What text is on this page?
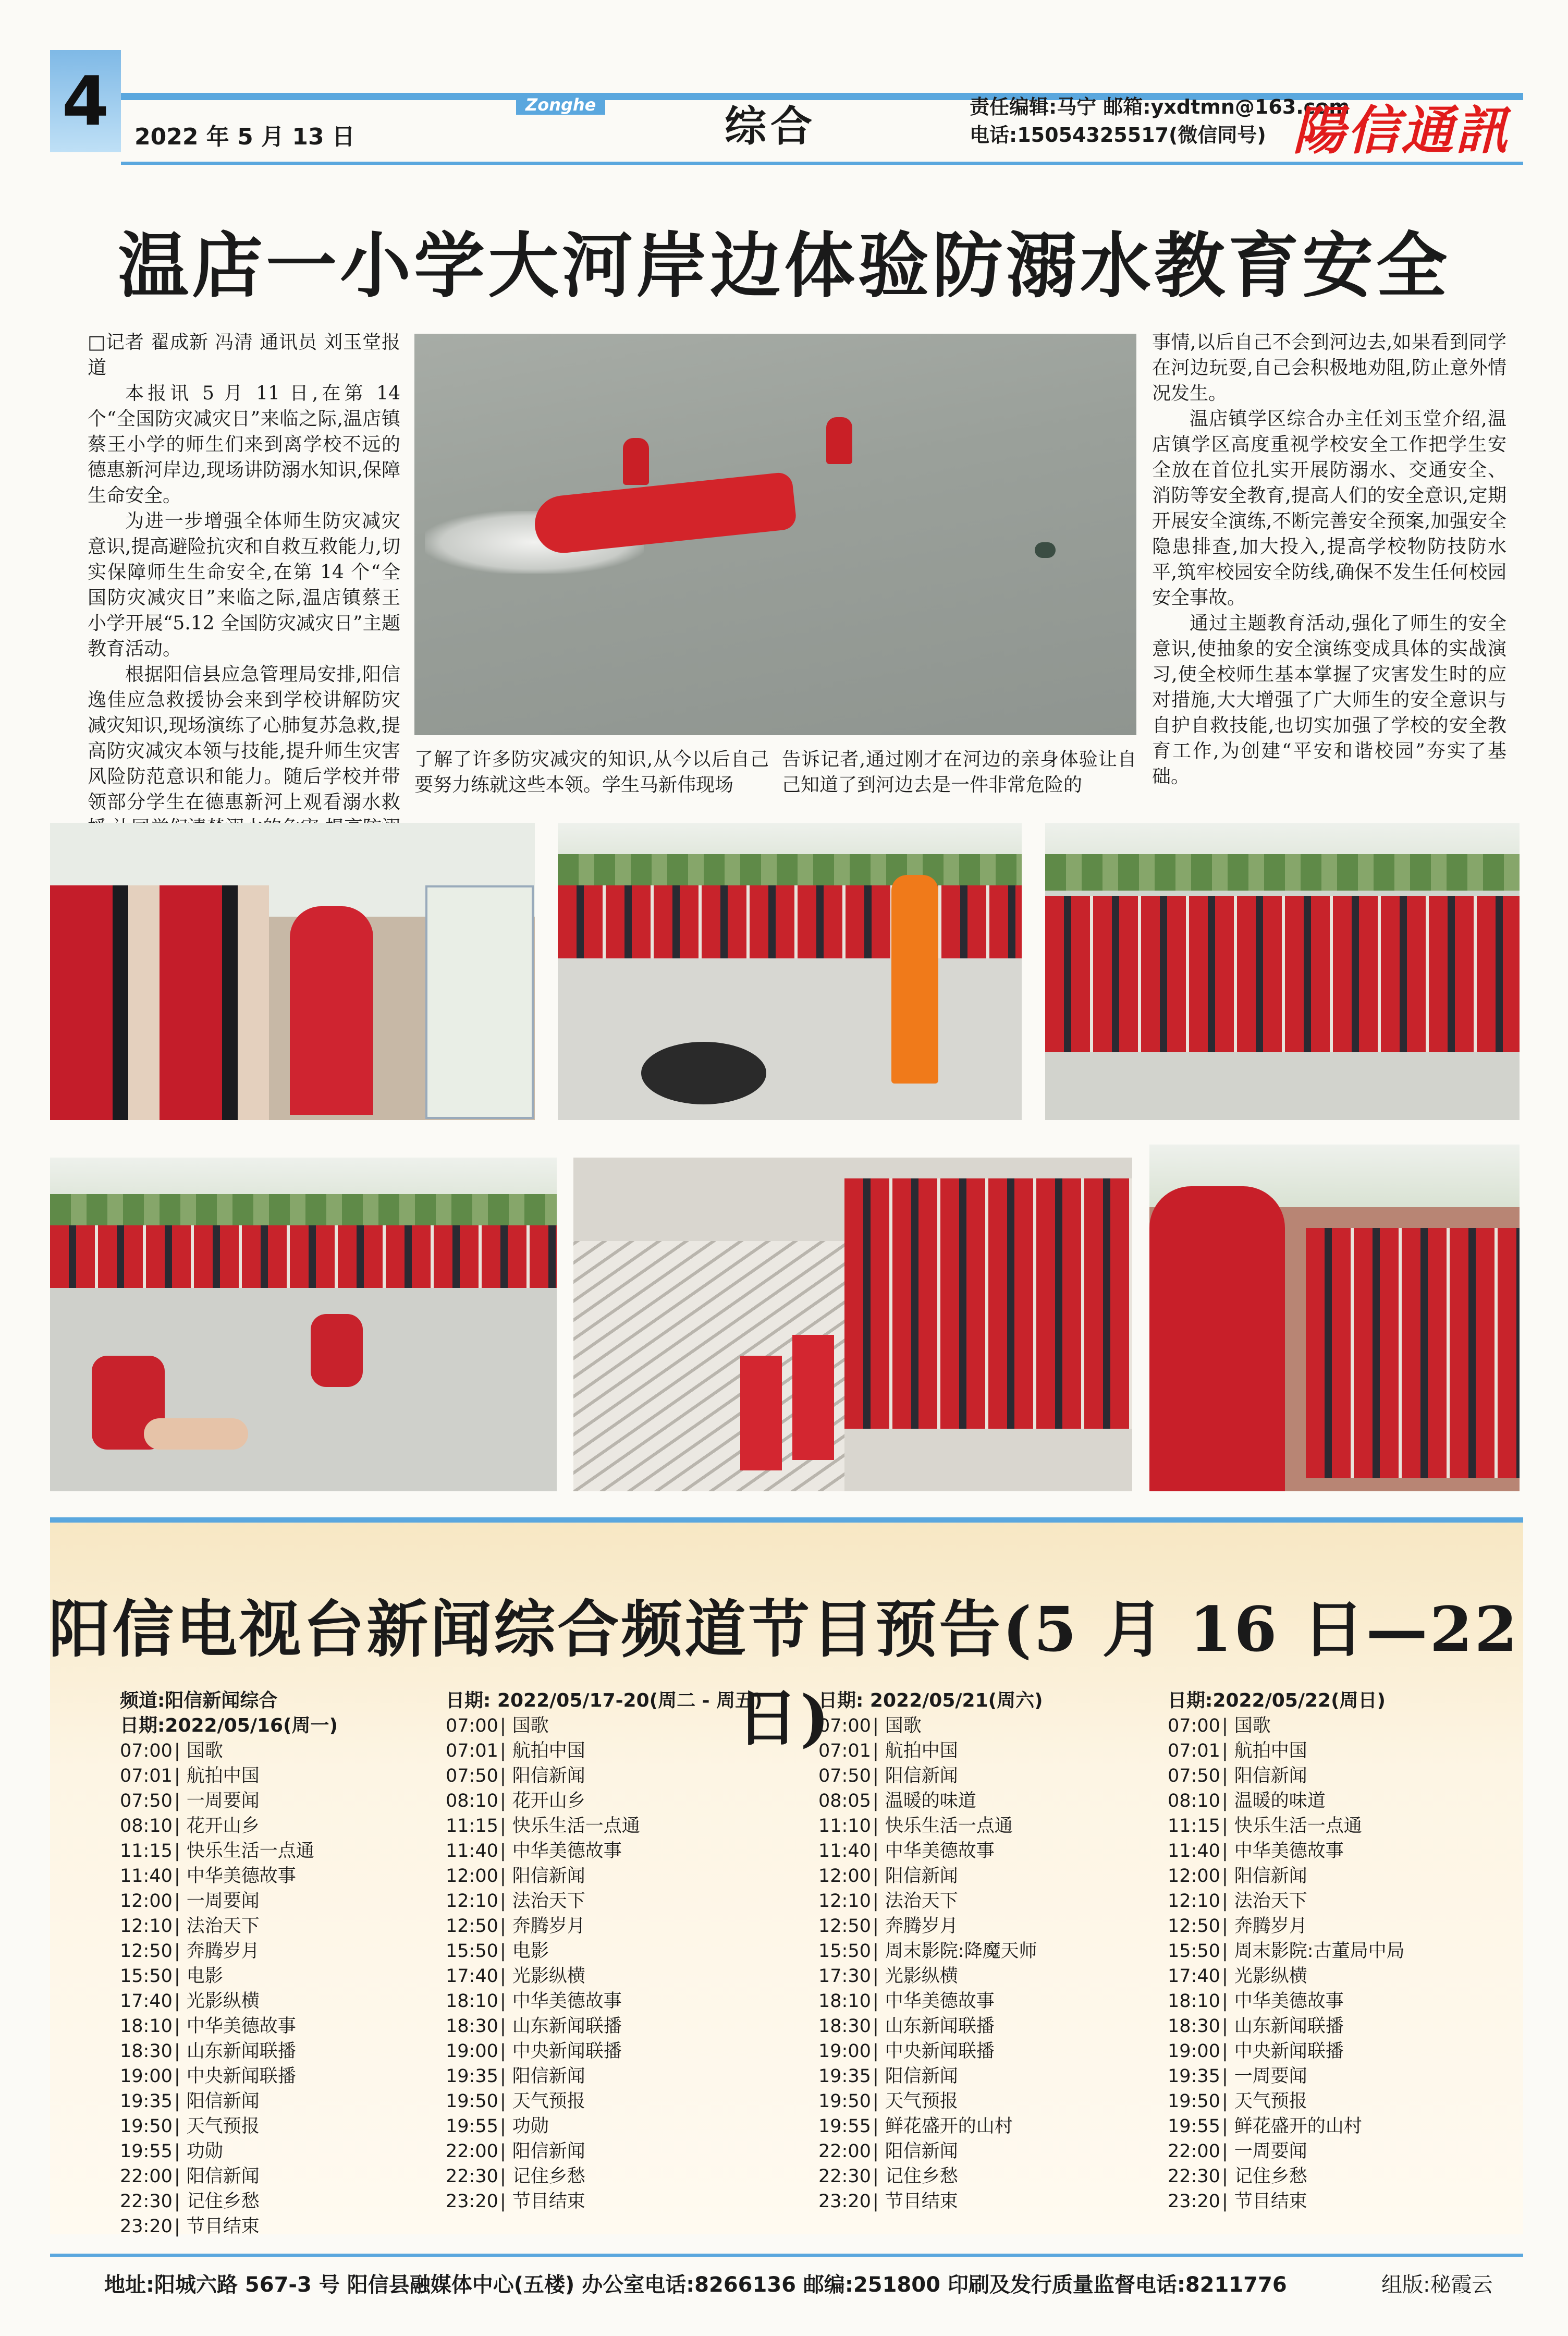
4	Zonghe
2022 年 5 月 13 日	综合	责任编辑:马宁 邮箱:yxdtmn@163.com
电话:15054325517(微信同号) 陽信通訊
温店一小学大河岸边体验防溺水教育安全

□记者 翟成新 冯清 通讯员 刘玉堂报道

本报讯 5 月 11 日,在第 14 个“全国防灾减灾日”来临之际,温店镇蔡王小学的师生们来到离学校不远的德惠新河岸边,现场讲防溺水知识,保障生命安全。

为进一步增强全体师生防灾减灾意识,提高避险抗灾和自救互救能力,切实保障师生生命安全,在第 14 个“全国防灾减灾日”来临之际,温店镇蔡王小学开展“5.12 全国防灾减灾日”主题教育活动。

根据阳信县应急管理局安排,阳信逸佳应急救援协会来到学校讲解防灾减灾知识,现场演练了心肺复苏急救,提高防灾减灾本领与技能,提升师生灾害风险防范意识和能力。随后学校并带领部分学生在德惠新河上观看溺水救

了解了许多防灾减灾的知识,从今以后自己要努力练就这些本领。学生马新伟现场

告诉记者,通过刚才在河边的亲身体验让自己知道了到河边去是一件非常危险的

事情,以后自己不会到河边去,如果看到同学在河边玩耍,自己会积极地劝阻,防止意外情况发生。

温店镇学区综合办主任刘玉堂介绍,温店镇学区高度重视学校安全工作把学生安全放在首位扎实开展防溺水、交通安全、消防等安全教育,提高人们的安全意识,定期开展安全演练,不断完善安全预案,加强安全隐患排查,加大投入,提高学校物防技防水平,筑牢校园安全防线,确保不发生任何校园安全事故。

通过主题教育活动,强化了师生的安全意识,使抽象的安全演练变成具体的实战演习,使全校师生基本掌握了灾害发生时的应对措施,大大增强了广大师生的安全意识与自护自救技能,也切实加强了学校的安全教育工作,为创建“平安和谐校园”夯实了基础。

阳信电视台新闻综合频道节目预告(5 月 16 日—22 日)
频道:阳信新闻综合
日期:2022/05/16(周一)
07:00| 国歌
07:01| 航拍中国
07:50| 一周要闻
08:10| 花开山乡
11:15| 快乐生活一点通
11:40| 中华美德故事
12:00| 一周要闻
12:10| 法治天下
12:50| 奔腾岁月
15:50| 电影
17:40| 光影纵横
18:10| 中华美德故事
18:30| 山东新闻联播
19:00| 中央新闻联播
19:35| 阳信新闻
19:50| 天气预报
19:55| 功勋
22:00| 阳信新闻
22:30| 记住乡愁
23:20| 节目结束
日期: 2022/05/17-20(周二 - 周五)
07:00| 国歌
07:01| 航拍中国
07:50| 阳信新闻
08:10| 花开山乡
11:15| 快乐生活一点通
11:40| 中华美德故事
12:00| 阳信新闻
12:10| 法治天下
12:50| 奔腾岁月
15:50| 电影
17:40| 光影纵横
18:10| 中华美德故事
18:30| 山东新闻联播
19:00| 中央新闻联播
19:35| 阳信新闻
19:50| 天气预报
19:55| 功勋
22:00| 阳信新闻
22:30| 记住乡愁
23:20| 节目结束
日期: 2022/05/21(周六)
07:00| 国歌
07:01| 航拍中国
07:50| 阳信新闻
08:05| 温暖的味道
11:10| 快乐生活一点通
11:40| 中华美德故事
12:00| 阳信新闻
12:10| 法治天下
12:50| 奔腾岁月
15:50| 周末影院:降魔天师
17:30| 光影纵横
18:10| 中华美德故事
18:30| 山东新闻联播
19:00| 中央新闻联播
19:35| 阳信新闻
19:50| 天气预报
19:55| 鲜花盛开的山村
22:00| 阳信新闻
22:30| 记住乡愁
23:20| 节目结束
日期:2022/05/22(周日)
07:00| 国歌
07:01| 航拍中国
07:50| 阳信新闻
08:10| 温暖的味道
11:15| 快乐生活一点通
11:40| 中华美德故事
12:00| 阳信新闻
12:10| 法治天下
12:50| 奔腾岁月
15:50| 周末影院:古董局中局
17:40| 光影纵横
18:10| 中华美德故事
18:30| 山东新闻联播
19:00| 中央新闻联播
19:35| 一周要闻
19:50| 天气预报
19:55| 鲜花盛开的山村
22:00| 一周要闻
22:30| 记住乡愁
23:20| 节目结束
地址:阳城六路 567-3 号 阳信县融媒体中心(五楼) 办公室电话:8266136 邮编:251800 印刷及发行质量监督电话:8211776	组版:秘霞云
